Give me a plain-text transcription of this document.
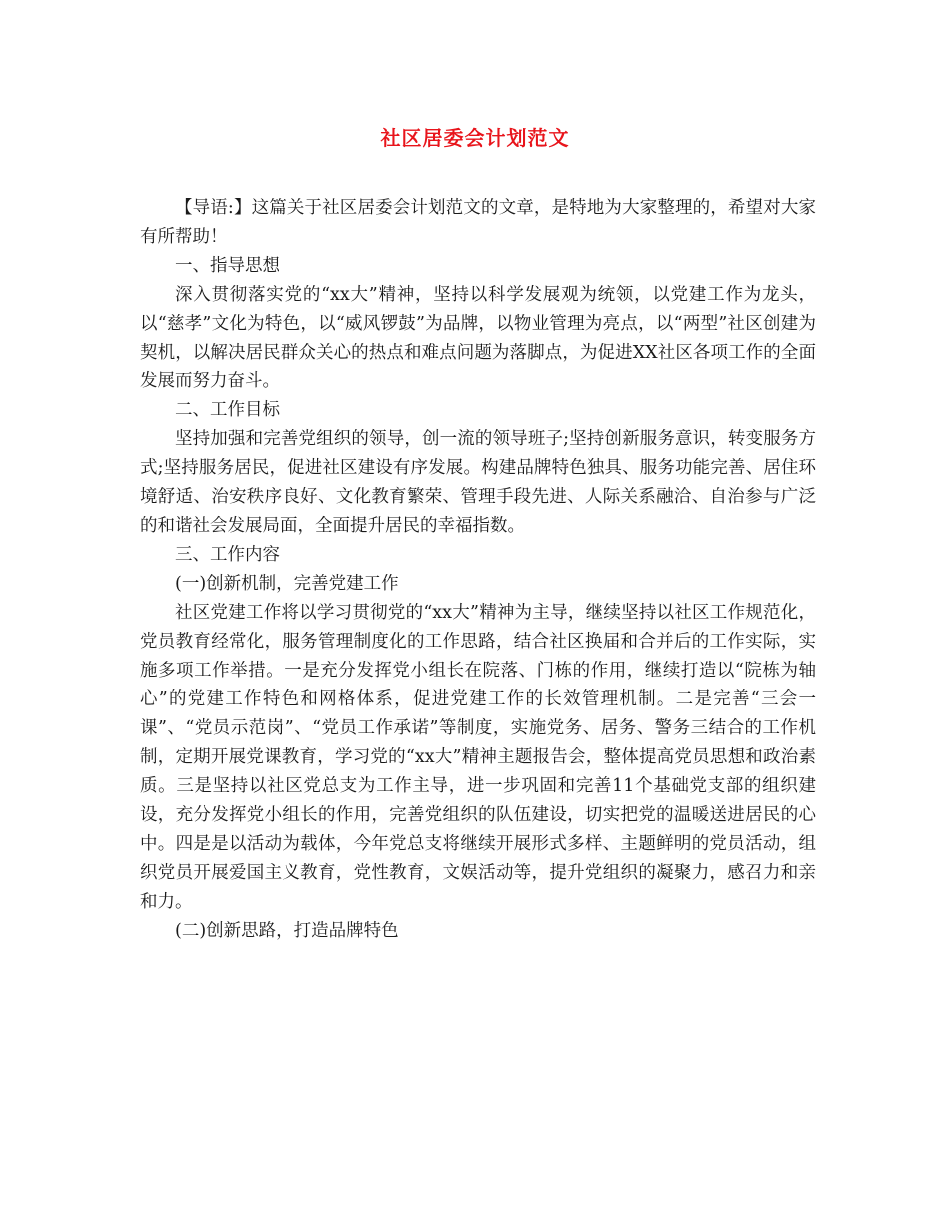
社区居委会计划范文

【导语:】这篇关于社区居委会计划范文的文章，是特地为大家整理的，希望对大家有所帮助！

一、指导思想

深入贯彻落实党的“xx大”精神，坚持以科学发展观为统领，以党建工作为龙头，以“慈孝”文化为特色，以“威风锣鼓”为品牌，以物业管理为亮点，以“两型”社区创建为契机，以解决居民群众关心的热点和难点问题为落脚点，为促进XX社区各项工作的全面发展而努力奋斗。

二、工作目标

坚持加强和完善党组织的领导，创一流的领导班子;坚持创新服务意识，转变服务方式;坚持服务居民，促进社区建设有序发展。构建品牌特色独具、服务功能完善、居住环境舒适、治安秩序良好、文化教育繁荣、管理手段先进、人际关系融洽、自治参与广泛的和谐社会发展局面，全面提升居民的幸福指数。

三、工作内容

(一)创新机制，完善党建工作

社区党建工作将以学习贯彻党的“xx大”精神为主导，继续坚持以社区工作规范化，党员教育经常化，服务管理制度化的工作思路，结合社区换届和合并后的工作实际，实施多项工作举措。一是充分发挥党小组长在院落、门栋的作用，继续打造以“院栋为轴心”的党建工作特色和网格体系，促进党建工作的长效管理机制。二是完善“三会一课”、“党员示范岗”、“党员工作承诺”等制度，实施党务、居务、警务三结合的工作机制，定期开展党课教育，学习党的“xx大”精神主题报告会，整体提高党员思想和政治素质。三是坚持以社区党总支为工作主导，进一步巩固和完善11个基础党支部的组织建设，充分发挥党小组长的作用，完善党组织的队伍建设，切实把党的温暖送进居民的心中。四是是以活动为载体，今年党总支将继续开展形式多样、主题鲜明的党员活动，组织党员开展爱国主义教育，党性教育，文娱活动等，提升党组织的凝聚力，感召力和亲和力。

(二)创新思路，打造品牌特色
